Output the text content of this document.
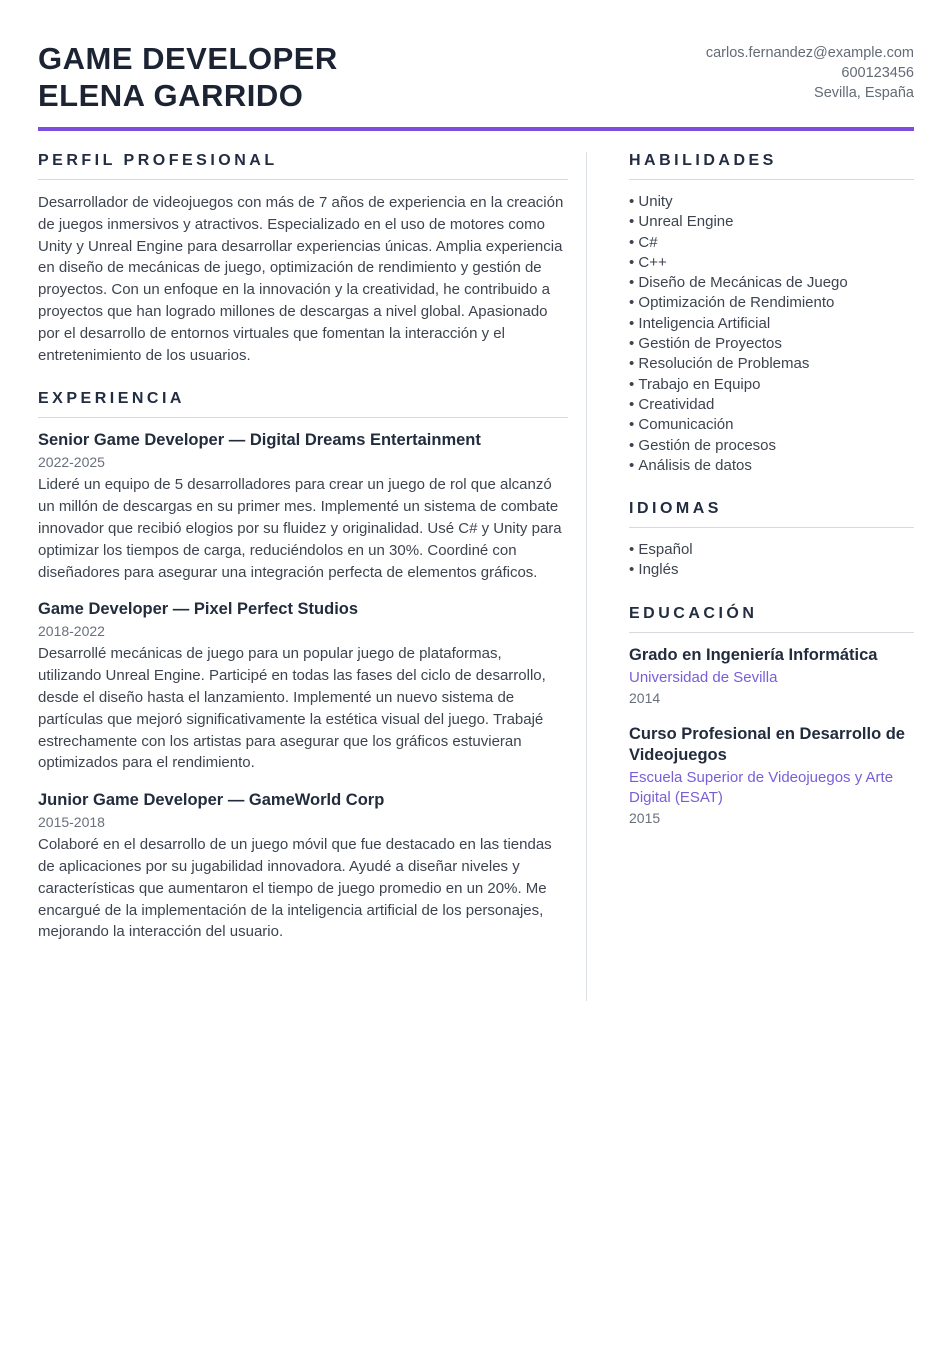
GAME DEVELOPER
ELENA GARRIDO
carlos.fernandez@example.com
600123456
Sevilla, España
PERFIL PROFESIONAL

Desarrollador de videojuegos con más de 7 años de experiencia en la creación de juegos inmersivos y atractivos. Especializado en el uso de motores como Unity y Unreal Engine para desarrollar experiencias únicas. Amplia experiencia en diseño de mecánicas de juego, optimización de rendimiento y gestión de proyectos. Con un enfoque en la innovación y la creatividad, he contribuido a proyectos que han logrado millones de descargas a nivel global. Apasionado por el desarrollo de entornos virtuales que fomentan la interacción y el entretenimiento de los usuarios.

EXPERIENCIA
Senior Game Developer — Digital Dreams Entertainment
2022-2025

Lideré un equipo de 5 desarrolladores para crear un juego de rol que alcanzó un millón de descargas en su primer mes. Implementé un sistema de combate innovador que recibió elogios por su fluidez y originalidad. Usé C# y Unity para optimizar los tiempos de carga, reduciéndolos en un 30%. Coordiné con diseñadores para asegurar una integración perfecta de elementos gráficos.

Game Developer — Pixel Perfect Studios
2018-2022

Desarrollé mecánicas de juego para un popular juego de plataformas, utilizando Unreal Engine. Participé en todas las fases del ciclo de desarrollo, desde el diseño hasta el lanzamiento. Implementé un nuevo sistema de partículas que mejoró significativamente la estética visual del juego. Trabajé estrechamente con los artistas para asegurar que los gráficos estuvieran optimizados para el rendimiento.

Junior Game Developer — GameWorld Corp
2015-2018

Colaboré en el desarrollo de un juego móvil que fue destacado en las tiendas de aplicaciones por su jugabilidad innovadora. Ayudé a diseñar niveles y características que aumentaron el tiempo de juego promedio en un 20%. Me encargué de la implementación de la inteligencia artificial de los personajes, mejorando la interacción del usuario.

HABILIDADES
• Unity
• Unreal Engine
• C#
• C++
• Diseño de Mecánicas de Juego
• Optimización de Rendimiento
• Inteligencia Artificial
• Gestión de Proyectos
• Resolución de Problemas
• Trabajo en Equipo
• Creatividad
• Comunicación
• Gestión de procesos
• Análisis de datos
IDIOMAS
• Español
• Inglés
EDUCACIÓN
Grado en Ingeniería Informática
Universidad de Sevilla
2014
Curso Profesional en Desarrollo de Videojuegos
Escuela Superior de Videojuegos y Arte Digital (ESAT)
2015
